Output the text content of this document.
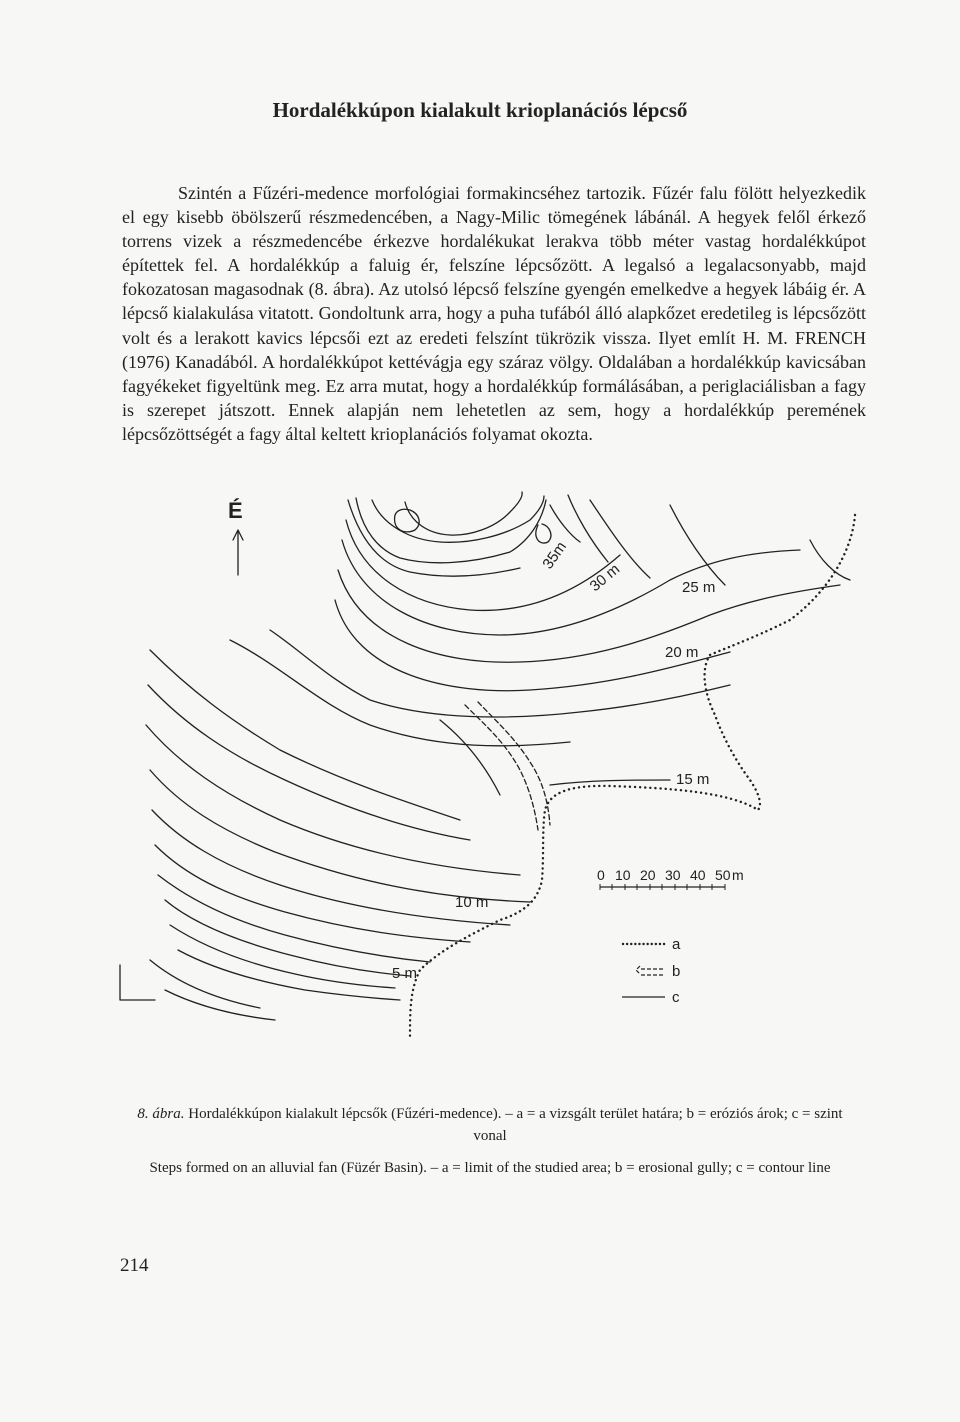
Hordalékkúpon kialakult krioplanációs lépcső

Szintén a Fűzéri-medence morfológiai formakincséhez tartozik. Fűzér falu fölött helyezkedik el egy kisebb öbölszerű részmedencében, a Nagy-Milic tömegének lábánál. A hegyek felől érkező torrens vizek a részmedencébe érkezve hordalékukat lerakva több méter vastag hordalékkúpot építettek fel. A hordalékkúp a faluig ér, felszíne lépcsőzött. A legalsó a legalacsonyabb, majd fokozatosan magasodnak (8. ábra). Az utolsó lépcső felszíne gyengén emelkedve a hegyek lábáig ér. A lépcső kialakulása vitatott. Gondoltunk arra, hogy a puha tufából álló alapkőzet eredetileg is lépcsőzött volt és a lerakott kavics lépcsői ezt az eredeti felszínt tükrözik vissza. Ilyet említ H. M. FRENCH (1976) Kanadából. A hordalékkúpot kettévágja egy száraz völgy. Oldalában a hordalékkúp kavicsában fagyékeket figyeltünk meg. Ez arra mutat, hogy a hordalékkúp formálásában, a periglaciálisban a fagy is szerepet játszott. Ennek alapján nem lehetetlen az sem, hogy a hordalékkúp peremének lépcsőzöttségét a fagy által keltett krioplanációs folyamat okozta.

35m
30 m	25 m
20 m
15 m
10 m
5 m
É
0 10 20 30 40 50 m
a
b
c
8. ábra. Hordalékkúpon kialakult lépcsők (Fűzéri-medence). – a = a vizsgált terület határa; b = eróziós árok; c = szint vonal
Steps formed on an alluvial fan (Füzér Basin). – a = limit of the studied area; b = erosional gully; c = contour line
214
